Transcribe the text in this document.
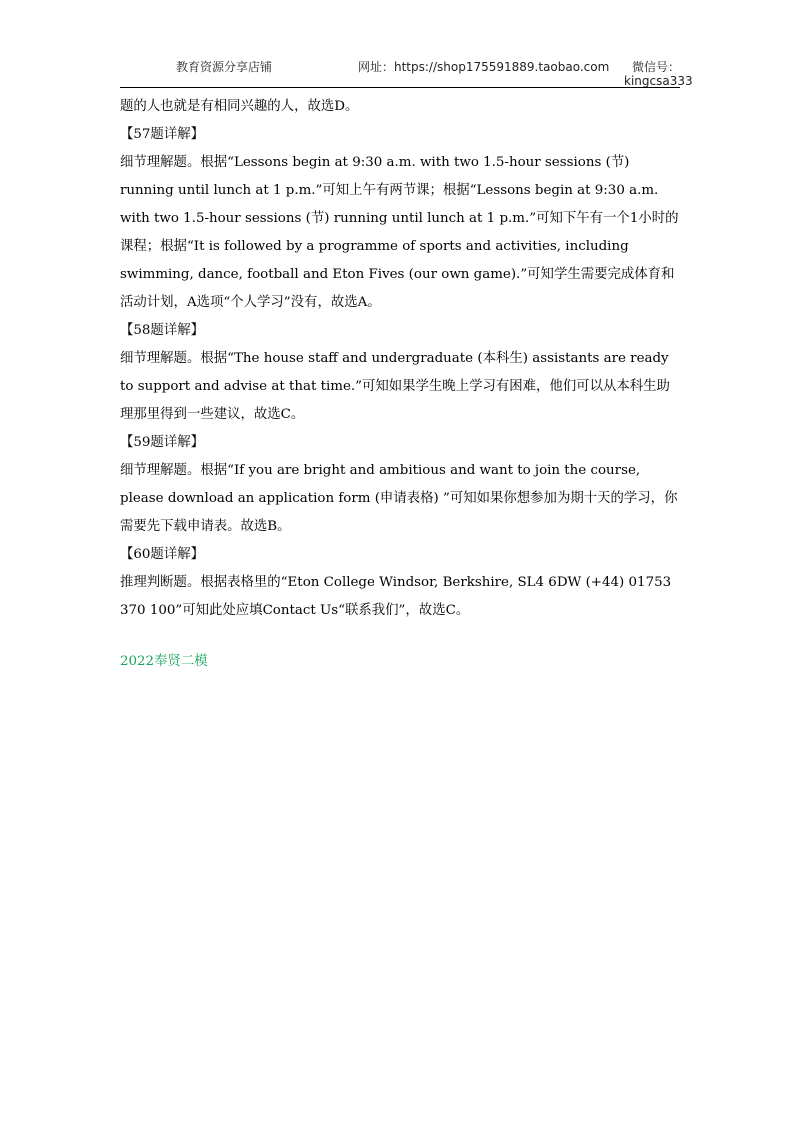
教育资源分享店铺	网址：https://shop175591889.taobao.com 微信号：
kingcsa333

题的人也就是有相同兴趣的人，故选D。

【57题详解】

细节理解题。根据“Lessons begin at 9:30 a.m. with two 1.5-hour sessions (节) running until lunch at 1 p.m.”可知上午有两节课；根据“Lessons begin at 9:30 a.m. with two 1.5-hour sessions (节) running until lunch at 1 p.m.”可知下午有一个1小时的课程；根据“It is followed by a programme of sports and activities, including swimming, dance, football and Eton Fives (our own game).”可知学生需要完成体育和活动计划，A选项“个人学习”没有，故选A。

【58题详解】

细节理解题。根据“The house staff and undergraduate (本科生) assistants are ready to support and advise at that time.”可知如果学生晚上学习有困难，他们可以从本科生助理那里得到一些建议，故选C。

【59题详解】

细节理解题。根据“If you are bright and ambitious and want to join the course, please download an application form (申请表格) ”可知如果你想参加为期十天的学习，你需要先下载申请表。故选B。

【60题详解】

推理判断题。根据表格里的“Eton College Windsor, Berkshire, SL4 6DW (+44) 01753 370 100”可知此处应填Contact Us“联系我们”，故选C。

2022奉贤二模
